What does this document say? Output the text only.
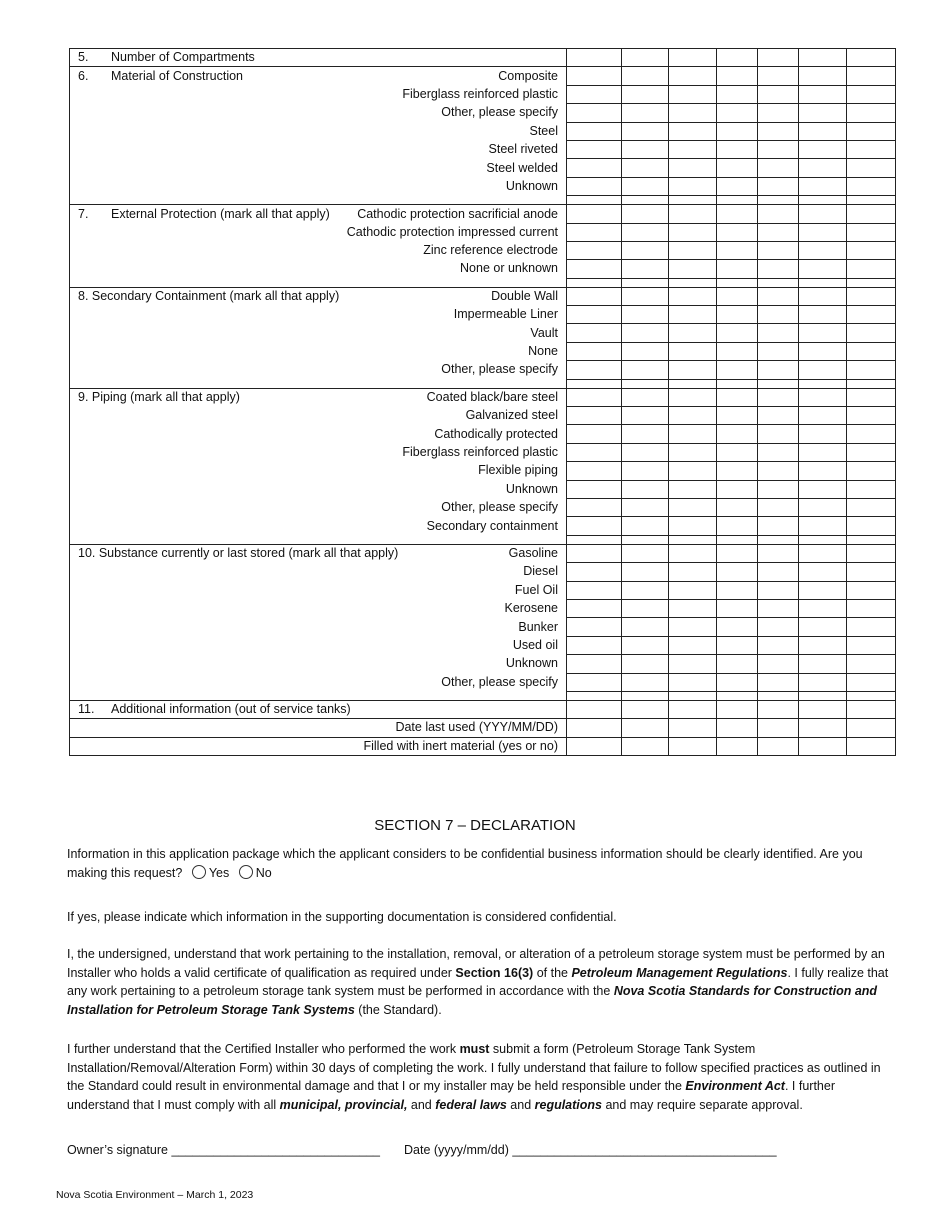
5. Number of Compartments							

6. Material of Construction Composite							

Fiberglass reinforced plastic							

Other, please specify							

Steel							

Steel riveted							

Steel welded							

Unknown							

7. External Protection (mark all that apply) Cathodic protection sacrificial anode							

Cathodic protection impressed current							

Zinc reference electrode							

None or unknown							

8. Secondary Containment (mark all that apply) Double Wall							

Impermeable Liner							

Vault							

None							

Other, please specify							

9. Piping (mark all that apply) Coated black/bare steel							

Galvanized steel							

Cathodically protected							

Fiberglass reinforced plastic							

Flexible piping							

Unknown							

Other, please specify							

Secondary containment							

10. Substance currently or last stored (mark all that apply) Gasoline							

Diesel							

Fuel Oil							

Kerosene							

Bunker							

Used oil							

Unknown							

Other, please specify							

11. Additional information (out of service tanks)							

Date last used (YYY/MM/DD)							

Filled with inert material (yes or no)							

SECTION 7 – DECLARATION
Information in this application package which the applicant considers to be confidential business information should be clearly identified. Are you making this request? Yes No
If yes, please indicate which information in the supporting documentation is considered confidential.
I, the undersigned, understand that work pertaining to the installation, removal, or alteration of a petroleum storage system must be performed by an Installer who holds a valid certificate of qualification as required under Section 16(3) of the Petroleum Management Regulations. I fully realize that any work pertaining to a petroleum storage tank system must be performed in accordance with the Nova Scotia Standards for Construction and Installation for Petroleum Storage Tank Systems (the Standard).
I further understand that the Certified Installer who performed the work must submit a form (Petroleum Storage Tank System Installation/Removal/Alteration Form) within 30 days of completing the work. I fully understand that failure to follow specified practices as outlined in the Standard could result in environmental damage and that I or my installer may be held responsible under the Environment Act. I further understand that I must comply with all municipal, provincial, and federal laws and regulations and may require separate approval.
Owner’s signature ______________________________ Date (yyyy/mm/dd) ______________________________________
Nova Scotia Environment – March 1, 2023
